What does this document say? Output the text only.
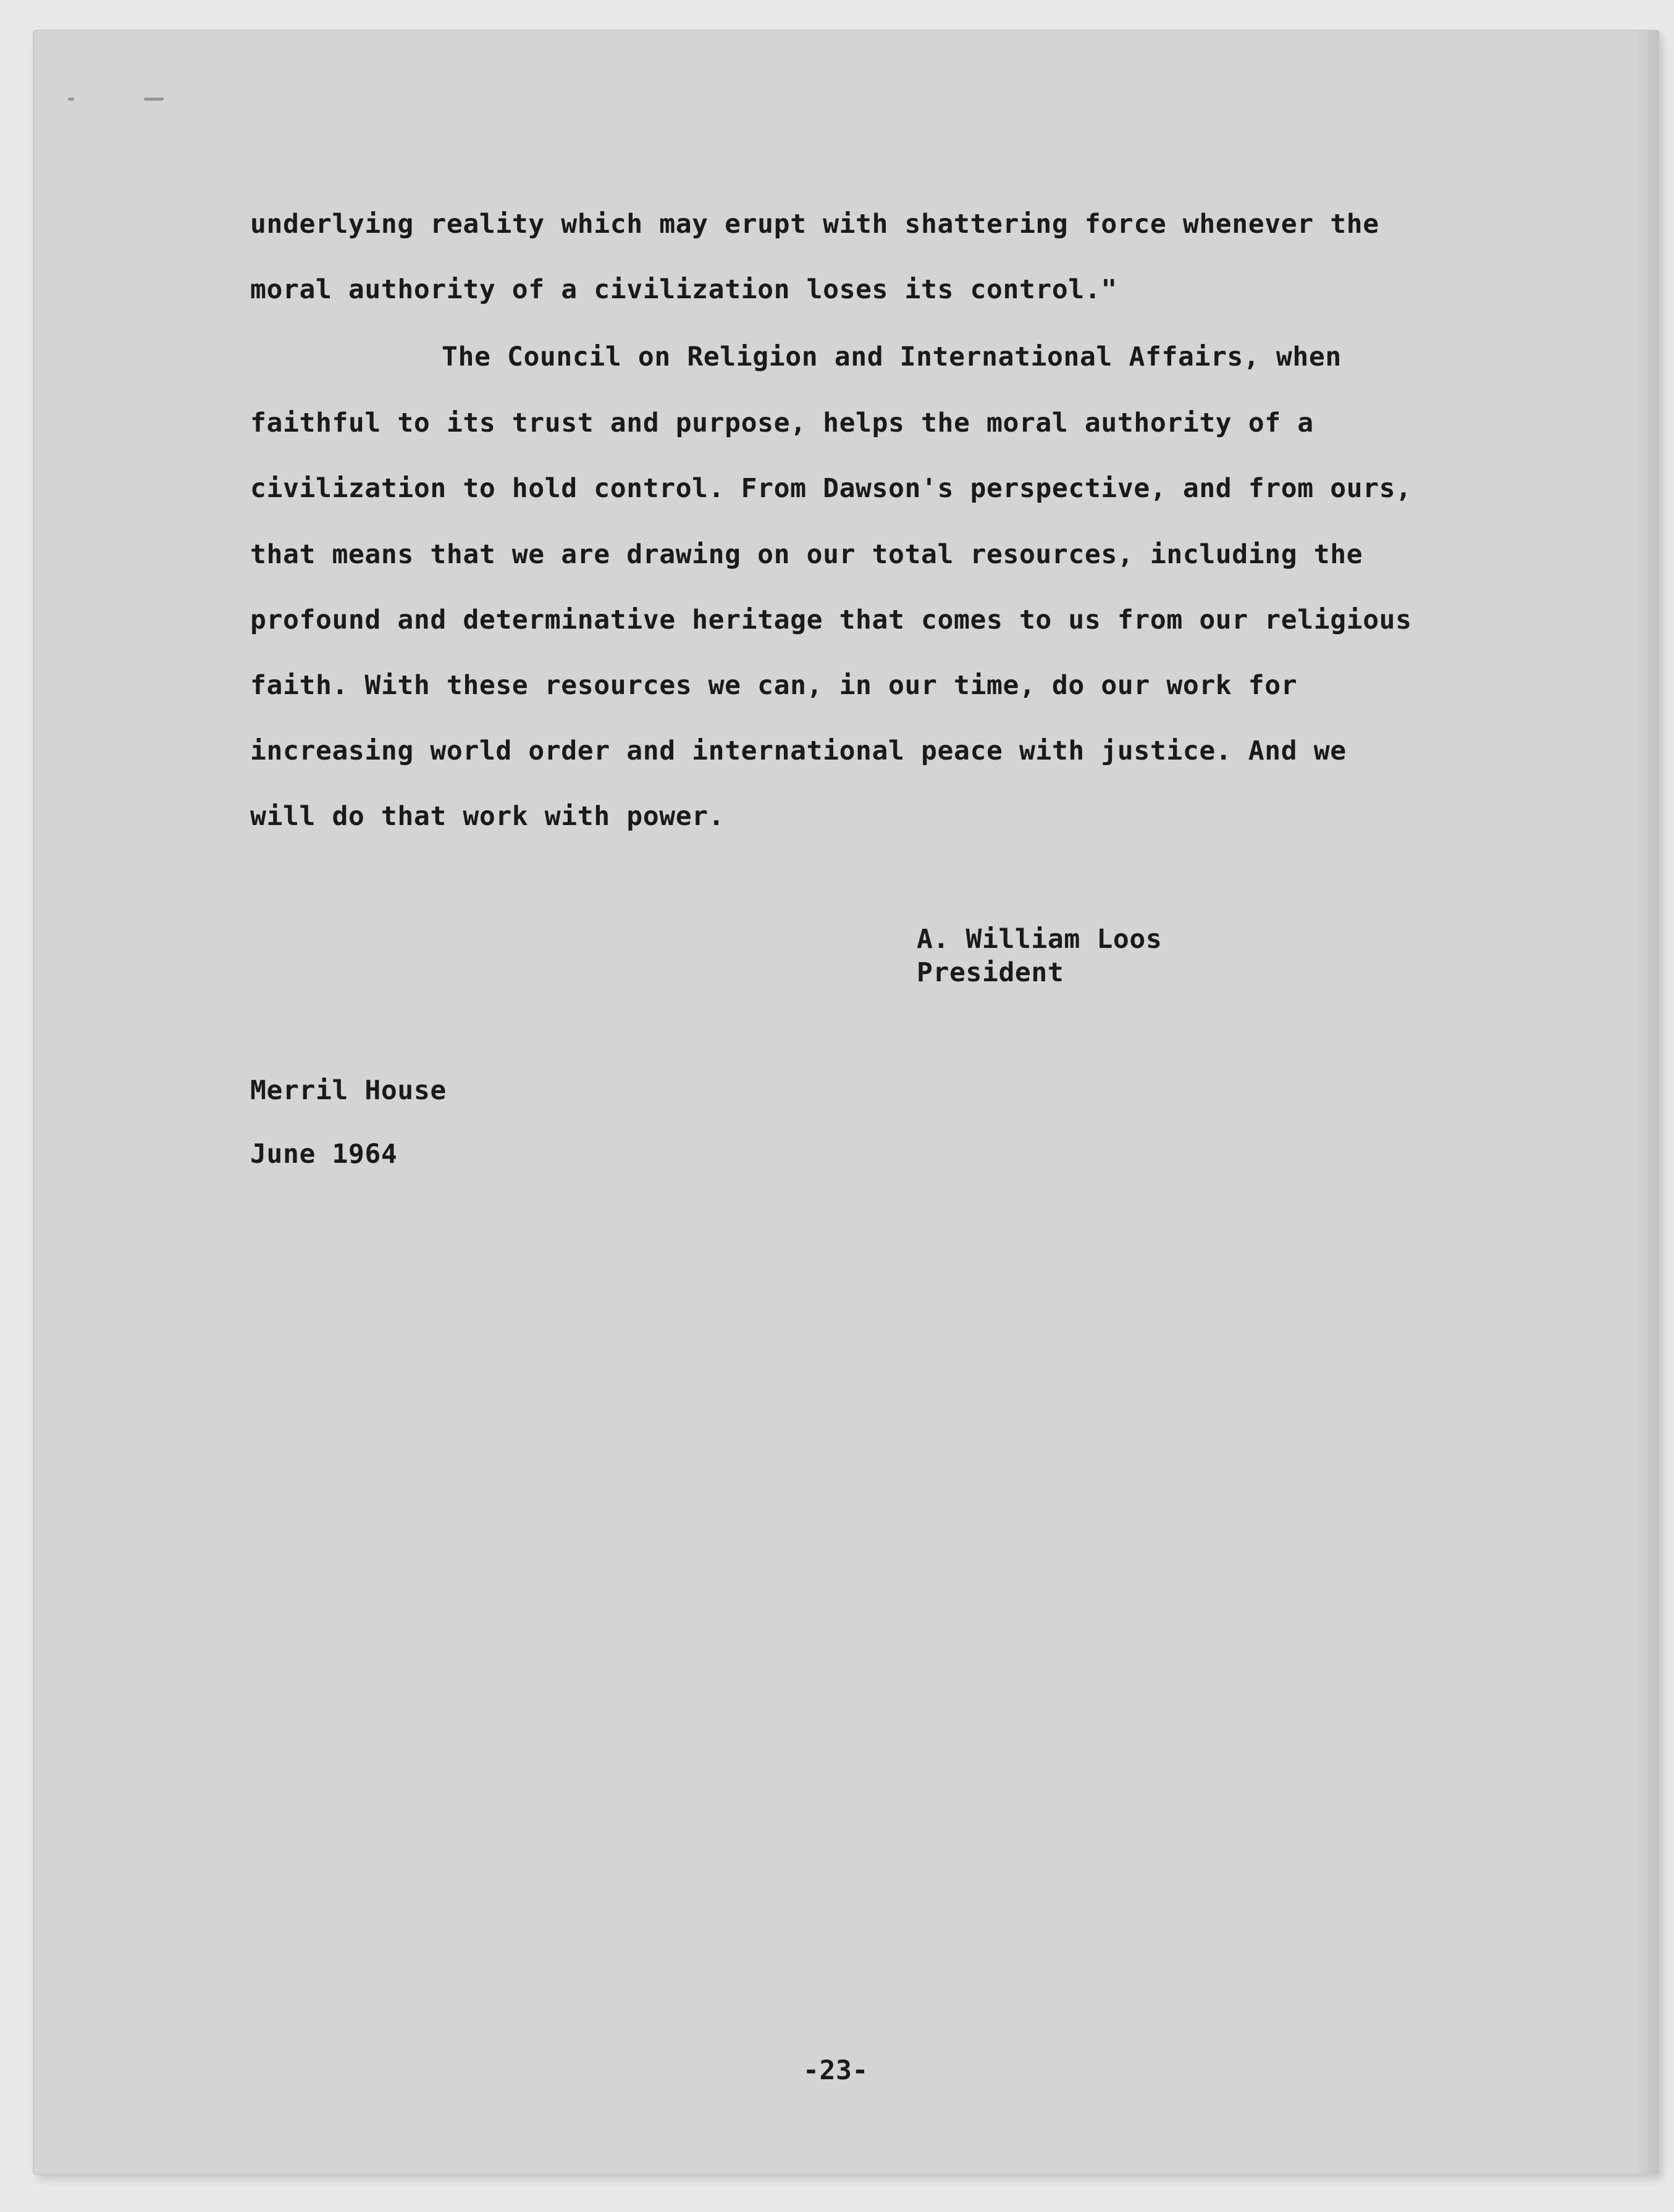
underlying reality which may erupt with shattering force whenever the
moral authority of a civilization loses its control."
The Council on Religion and International Affairs, when
faithful to its trust and purpose, helps the moral authority of a
civilization to hold control. From Dawson's perspective, and from ours,
that means that we are drawing on our total resources, including the
profound and determinative heritage that comes to us from our religious
faith. With these resources we can, in our time, do our work for
increasing world order and international peace with justice. And we
will do that work with power.
A. William Loos
President
Merril House
June 1964
-23-
